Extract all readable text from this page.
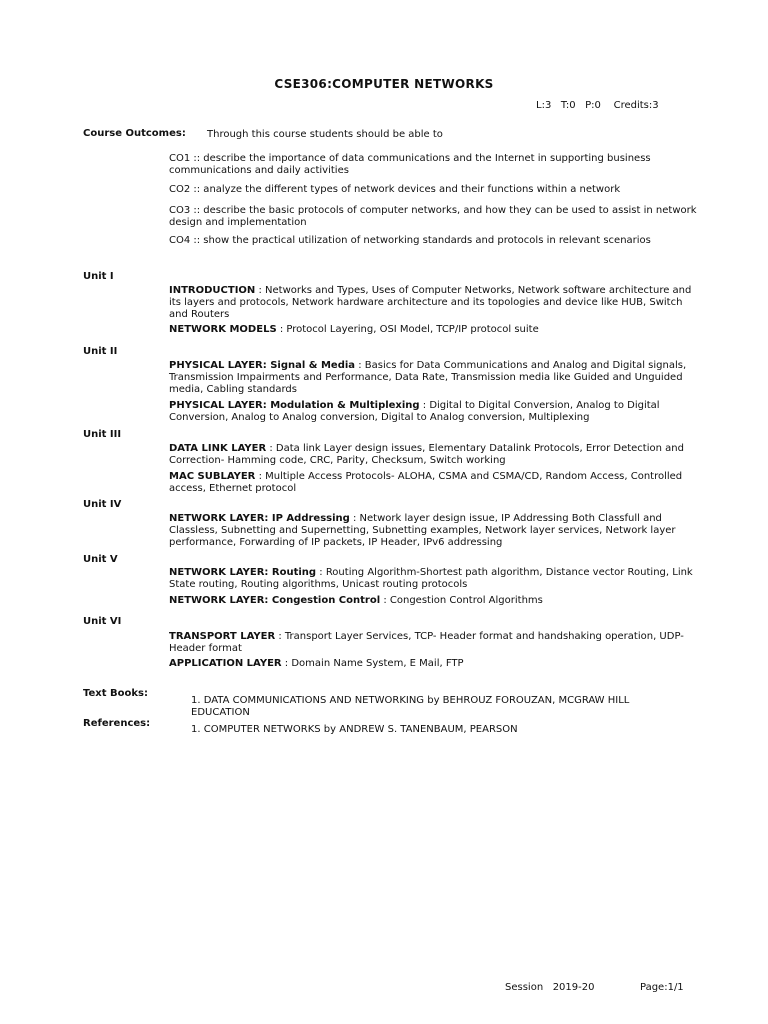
CSE306:COMPUTER NETWORKS
L:3   T:0   P:0    Credits:3
Course Outcomes: Through this course students should be able to
CO1 :: describe the importance of data communications and the Internet in supporting business communications and daily activities
CO2 :: analyze the different types of network devices and their functions within a network
CO3 :: describe the basic protocols of computer networks, and how they can be used to assist in network design and implementation
CO4 :: show the practical utilization of networking standards and protocols in relevant scenarios
Unit I
INTRODUCTION : Networks and Types, Uses of Computer Networks, Network software architecture and its layers and protocols, Network hardware architecture and its topologies and device like HUB, Switch and Routers
NETWORK MODELS : Protocol Layering, OSI Model, TCP/IP protocol suite
Unit II
PHYSICAL LAYER: Signal & Media : Basics for Data Communications and Analog and Digital signals, Transmission Impairments and Performance, Data Rate, Transmission media like Guided and Unguided media, Cabling standards
PHYSICAL LAYER: Modulation & Multiplexing : Digital to Digital Conversion, Analog to Digital Conversion, Analog to Analog conversion, Digital to Analog conversion, Multiplexing
Unit III
DATA LINK LAYER : Data link Layer design issues, Elementary Datalink Protocols, Error Detection and Correction- Hamming code, CRC, Parity, Checksum, Switch working
MAC SUBLAYER : Multiple Access Protocols- ALOHA, CSMA and CSMA/CD, Random Access, Controlled access, Ethernet protocol
Unit IV
NETWORK LAYER: IP Addressing : Network layer design issue, IP Addressing Both Classfull and Classless, Subnetting and Supernetting, Subnetting examples, Network layer services, Network layer performance, Forwarding of IP packets, IP Header, IPv6 addressing
Unit V
NETWORK LAYER: Routing : Routing Algorithm-Shortest path algorithm, Distance vector Routing, Link State routing, Routing algorithms, Unicast routing protocols
NETWORK LAYER: Congestion Control : Congestion Control Algorithms
Unit VI
TRANSPORT LAYER : Transport Layer Services, TCP- Header format and handshaking operation, UDP- Header format
APPLICATION LAYER : Domain Name System, E Mail, FTP
Text Books:
1. DATA COMMUNICATIONS AND NETWORKING by BEHROUZ FOROUZAN, MCGRAW HILL EDUCATION
References:
1. COMPUTER NETWORKS by ANDREW S. TANENBAUM, PEARSON
Session   2019-20	Page:1/1
